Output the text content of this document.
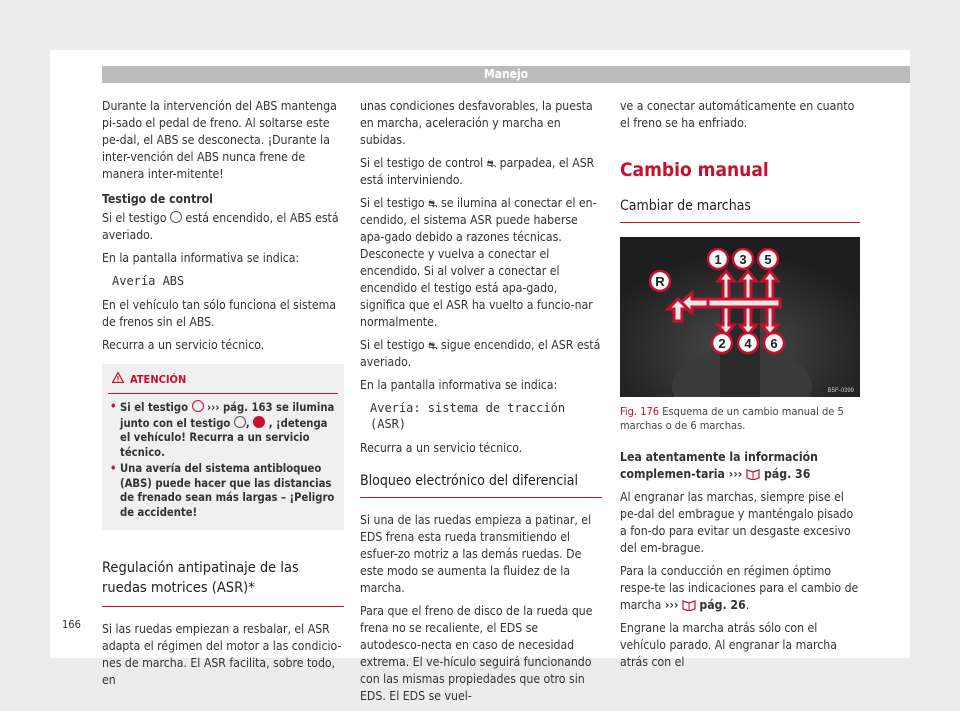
Manejo

Durante la intervención del ABS mantenga pi-sado el pedal de freno. Al soltarse este pe-dal, el ABS se desconecta. ¡Durante la inter-vención del ABS nunca frene de manera inter-mitente!

Testigo de control

Si el testigo está encendido, el ABS está averiado.

En la pantalla informativa se indica:

Avería ABS

En el vehículo tan sólo funciona el sistema de frenos sin el ABS.

Recurra a un servicio técnico.

ATENCIÓN
• Si el testigo ››› pág. 163 se ilumina junto con el testigo ,  , ¡detenga el vehículo! Recurra a un servicio técnico.
• Una avería del sistema antibloqueo (ABS) puede hacer que las distancias de frenado sean más largas – ¡Peligro de accidente!
Regulación antipatinaje de las ruedas motrices (ASR)*

Si las ruedas empiezan a resbalar, el ASR adapta el régimen del motor a las condicio-nes de marcha. El ASR facilita, sobre todo, en

unas condiciones desfavorables, la puesta en marcha, aceleración y marcha en subidas.

Si el testigo de control ⛐ parpadea, el ASR está interviniendo.

Si el testigo ⛐ se ilumina al conectar el en-cendido, el sistema ASR puede haberse apa-gado debido a razones técnicas. Desconecte y vuelva a conectar el encendido. Si al volver a conectar el encendido el testigo está apa-gado, significa que el ASR ha vuelto a funcio-nar normalmente.

Si el testigo ⛐ sigue encendido, el ASR está averiado.

En la pantalla informativa se indica:

Avería: sistema de tracción (ASR)

Recurra a un servicio técnico.

Bloqueo electrónico del diferencial

Si una de las ruedas empieza a patinar, el EDS frena esta rueda transmitiendo el esfuer-zo motriz a las demás ruedas. De este modo se aumenta la fluidez de la marcha.

Para que el freno de disco de la rueda que frena no se recaliente, el EDS se autodesco-necta en caso de necesidad extrema. El ve-hículo seguirá funcionando con las mismas propiedades que otro sin EDS. El EDS se vuel-

ve a conectar automáticamente en cuanto el freno se ha enfriado.

Cambio manual
Cambiar de marchas
1 3 5
R
2 4 6
B5F-0399
Fig. 176 Esquema de un cambio manual de 5 marchas o de 6 marchas.

Lea atentamente la información complemen-taria ››› pág. 36

Al engranar las marchas, siempre pise el pe-dal del embrague y manténgalo pisado a fon-do para evitar un desgaste excesivo del em-brague.

Para la conducción en régimen óptimo respe-te las indicaciones para el cambio de marcha ››› pág. 26.

Engrane la marcha atrás sólo con el vehículo parado. Al engranar la marcha atrás con el

166
